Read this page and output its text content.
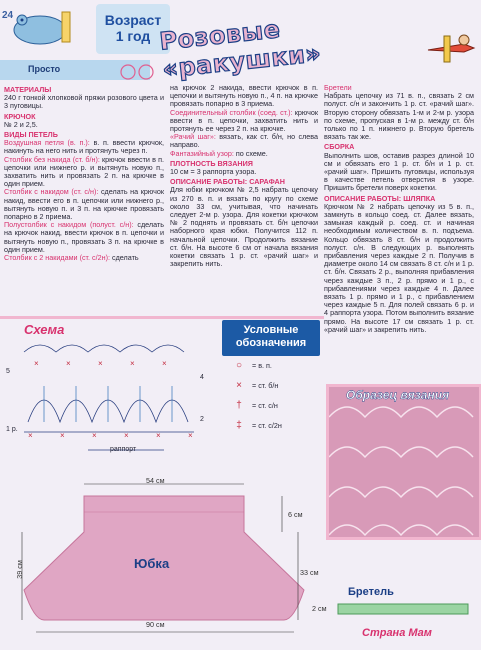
24	Возраст
1 год Розовые «ракушки»
Просто
МАТЕРИАЛЫ
240 г тонкой хлопковой пряжи розового цвета и 3 пуговицы.
КРЮЧОК
№ 2 и 2,5.
ВИДЫ ПЕТЕЛЬ
Воздушная петля (в. п.): в. п. ввести крючок, накинуть на него нить и протянуть через п.
Столбик без накида (ст. б/н): крючок ввести в п. цепочки или нижнего р. и вытянуть новую п., захватить нить и провязать 2 п. на крючке в один прием.
Столбик с накидом (ст. с/н): сделать на крючок накид, ввести его в п. цепочки или нижнего р., вытянуть новую п. и 3 п. на крючке провязать попарно в 2 приема.
Полустолбик с накидом (полуст. с/н): сделать на крючок накид, ввести крючок в п. цепочки и вытянуть новую п., провязать 3 п. на крючке в один прием.
Столбик с 2 накидами (ст. с/2н): сделать
на крючок 2 накида, ввести крючок в п. цепочки и вытянуть новую п., 4 п. на крючке провязать попарно в 3 приема.
Соединительный столбик (соед. ст.): крючок ввести в п. цепочки, захватить нить и протянуть ее через 2 п. на крючке.
«Рачий шаг»: вязать, как ст. б/н, но слева направо.
Фантазийный узор: по схеме.
ПЛОТНОСТЬ ВЯЗАНИЯ
10 см = 3 раппорта узора.
ОПИСАНИЕ РАБОТЫ: САРАФАН
Для юбки крючком № 2,5 набрать цепочку из 270 в. п. и вязать по кругу по схеме около 33 см, учитывая, что начинать следует 2-м р. узора. Для кокетки крючком № 2 поднять и провязать ст. б/н цепочки наборного края юбки. Получится 112 п. начальной цепочки. Продолжить вязание ст. б/н. На высоте 6 см от начала вязания кокетки связать 1 р. ст. «рачий шаг» и закрепить нить.
Бретели
Набрать цепочку из 71 в. п., связать 2 см полуст. с/н и закончить 1 р. ст. «рачий шаг». Вторую сторону обвязать 1-м и 2-м р. узора по схеме, пропуская в 1-м р. между ст. б/н только по 1 п. нижнего р. Вторую бретель вязать так же.
СБОРКА
Выполнить шов, оставив разрез длиной 10 см и обвязать его 1 р. ст. б/н и 1 р. ст. «рачий шаг». Пришить пуговицы, используя в качестве петель отверстия в узоре. Пришить бретели поверх кокетки.
ОПИСАНИЕ РАБОТЫ: ШЛЯПКА
Крючком № 2 набрать цепочку из 5 в. п., замкнуть в кольцо соед. ст. Далее вязать, замыкая каждый р. соед. ст. и начиная необходимым количеством в. п. подъема. Кольцо обвязать 8 ст. б/н и продолжить полуст. с/н. В следующих р. выполнять прибавления через каждые 2 п. Получив в диаметре около 14 см связать 8 ст. с/н и 1 р. ст. б/н. Связать 2 р., выполняя прибавления через каждые 3 п., 2 р. прямо и 1 р., с прибавлениями через каждые 4 п. Далее вязать 1 р. прямо и 1 р., с прибавлением через каждые 5 п. Для полей связать 6 р. и 4 раппорта узора. Потом выполнить вязание прямо. На высоте 17 см связать 1 р. ст. «рачий шаг» и закрепить нить.
Схема
×	×	×	×	×
×	×	×	×	×	×
5
1 р.
4
2
раппорт
Условные обозначения
○ = в. п.
× = ст. б/н
† = ст. с/н
‡ = ст. с/2н
Образец вязания
54 см
6 см
39 см	33 см
90 см
Юбка
Бретель
2 см
Страна Мам
